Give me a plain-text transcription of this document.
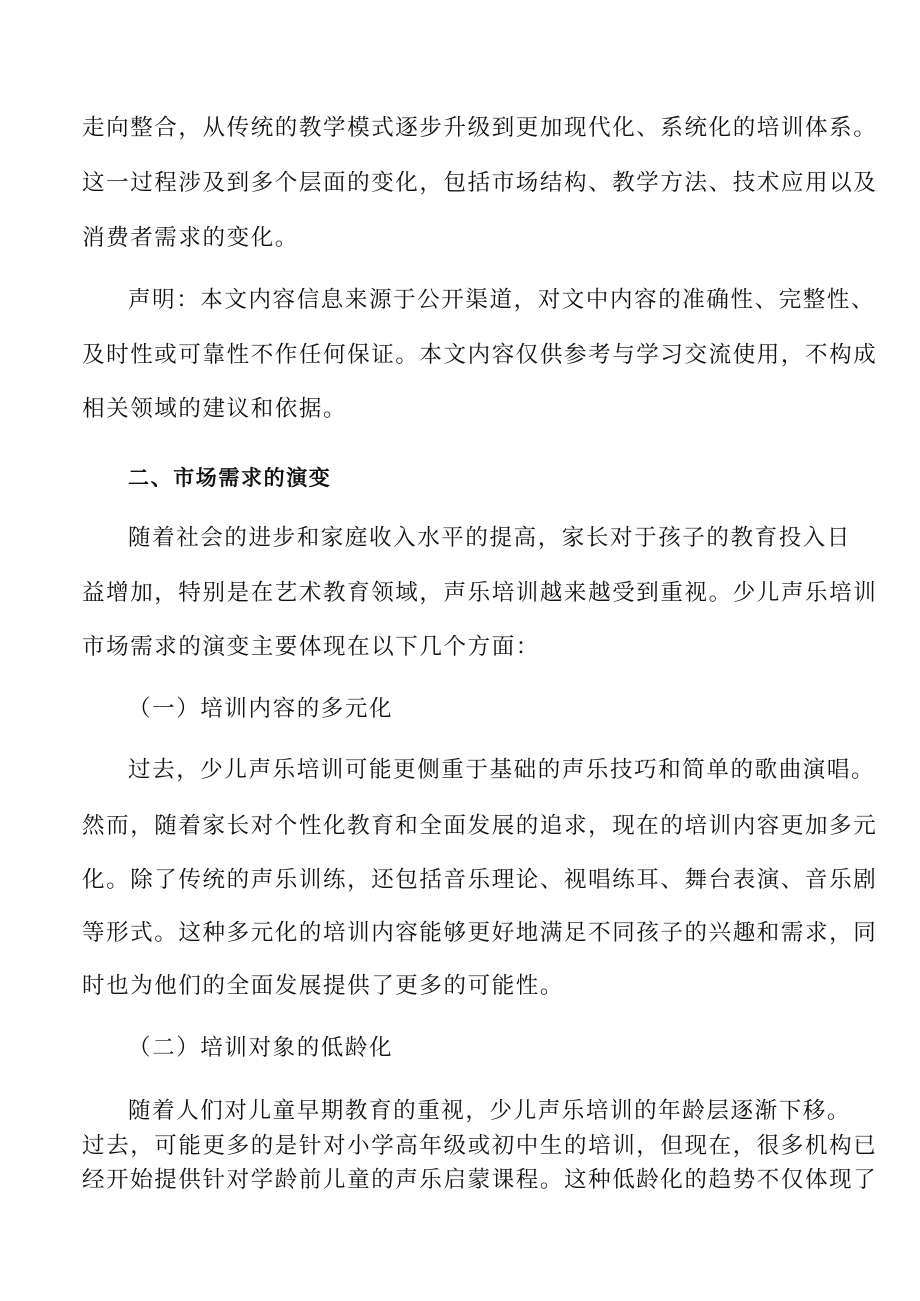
走向整合，从传统的教学模式逐步升级到更加现代化、系统化的培训体系。
这一过程涉及到多个层面的变化，包括市场结构、教学方法、技术应用以及
消费者需求的变化。
声明：本文内容信息来源于公开渠道，对文中内容的准确性、完整性、
及时性或可靠性不作任何保证。本文内容仅供参考与学习交流使用，不构成
相关领域的建议和依据。
二、市场需求的演变
随着社会的进步和家庭收入水平的提高，家长对于孩子的教育投入日
益增加，特别是在艺术教育领域，声乐培训越来越受到重视。少儿声乐培训
市场需求的演变主要体现在以下几个方面：
（一）培训内容的多元化
过去，少儿声乐培训可能更侧重于基础的声乐技巧和简单的歌曲演唱。
然而，随着家长对个性化教育和全面发展的追求，现在的培训内容更加多元
化。除了传统的声乐训练，还包括音乐理论、视唱练耳、舞台表演、音乐剧
等形式。这种多元化的培训内容能够更好地满足不同孩子的兴趣和需求，同
时也为他们的全面发展提供了更多的可能性。
（二）培训对象的低龄化
随着人们对儿童早期教育的重视，少儿声乐培训的年龄层逐渐下移。
过去，可能更多的是针对小学高年级或初中生的培训，但现在，很多机构已
经开始提供针对学龄前儿童的声乐启蒙课程。这种低龄化的趋势不仅体现了
